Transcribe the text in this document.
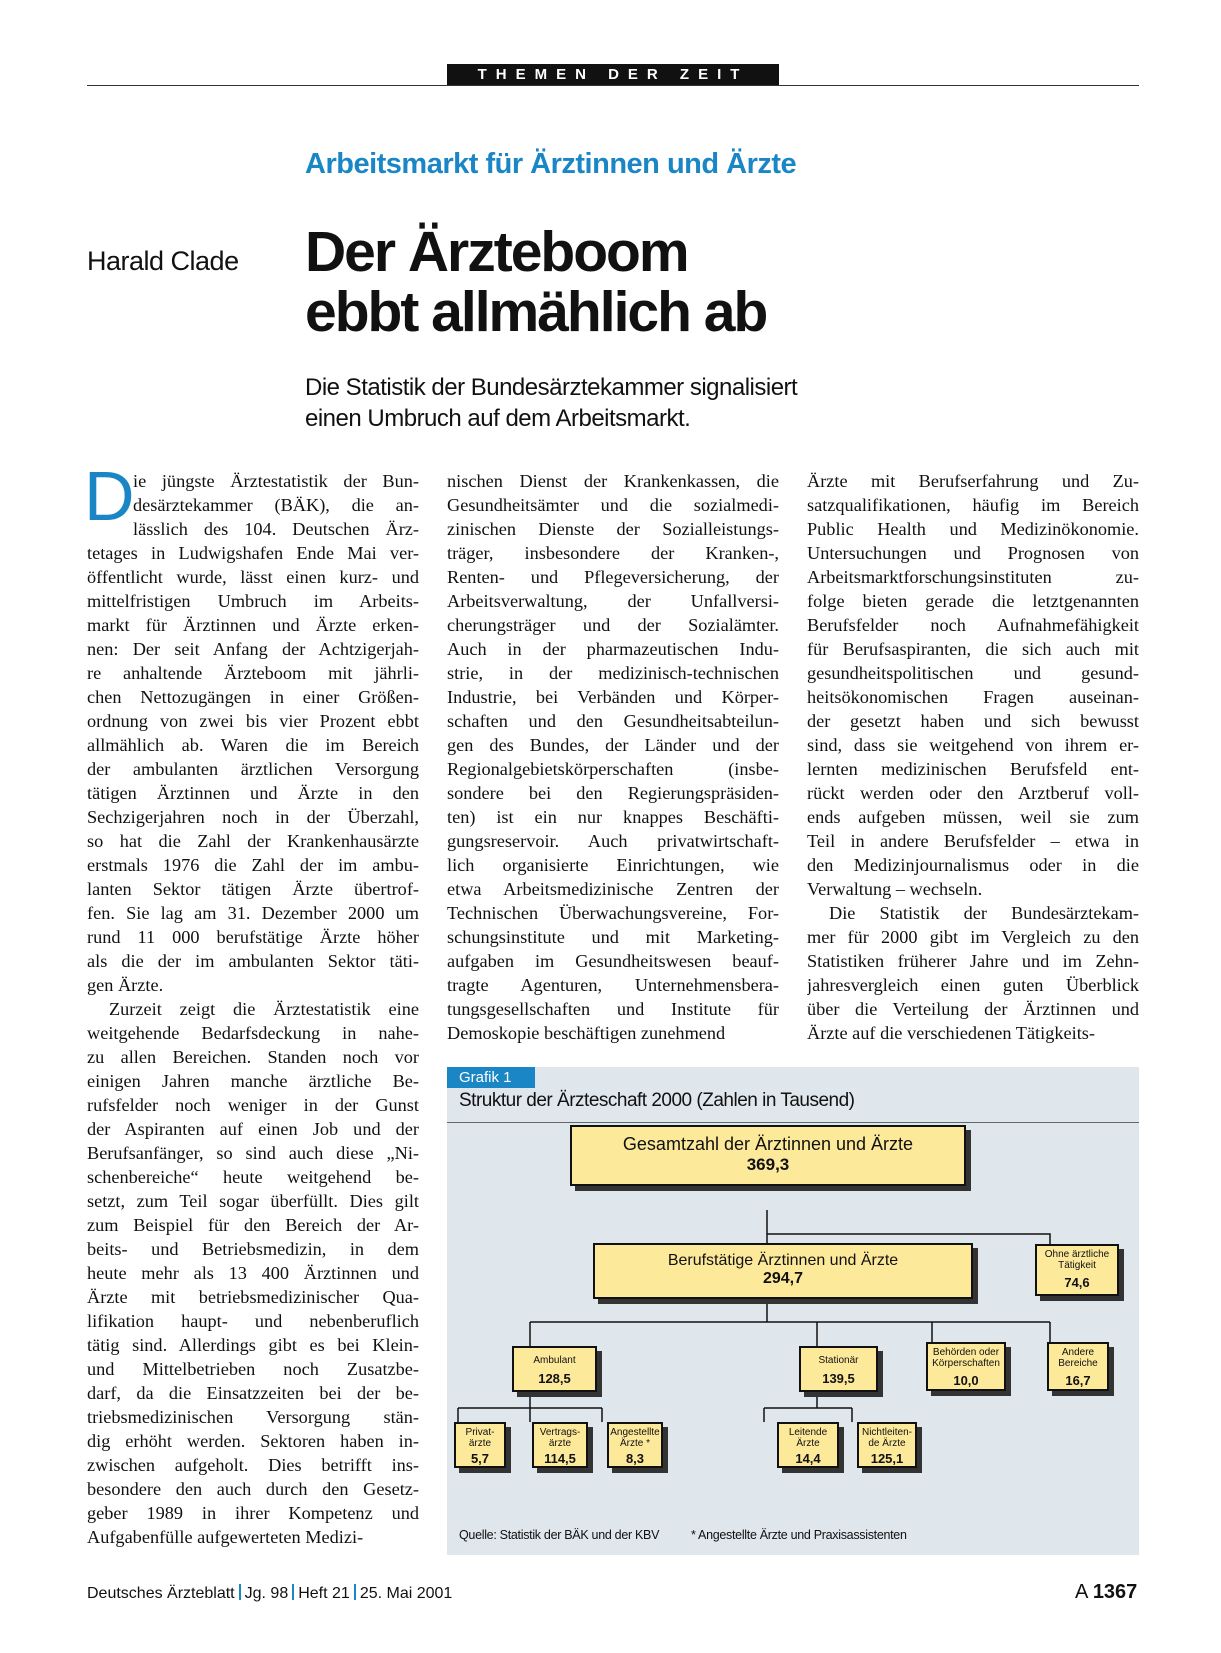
THEMEN DER ZEIT
Arbeitsmarkt für Ärztinnen und Ärzte
Harald Clade Der Ärzteboom
ebbt allmählich ab
Die Statistik der Bundesärztekammer signalisiert
einen Umbruch auf dem Arbeitsmarkt.
D
ie jüngste Ärztestatistik der Bun-
desärztekammer (BÄK), die an-
lässlich des 104. Deutschen Ärz-
tetages in Ludwigshafen Ende Mai ver-
öffentlicht wurde, lässt einen kurz- und
mittelfristigen Umbruch im Arbeits-
markt für Ärztinnen und Ärzte erken-
nen: Der seit Anfang der Achtzigerjah-
re anhaltende Ärzteboom mit jährli-
chen Nettozugängen in einer Größen-
ordnung von zwei bis vier Prozent ebbt
allmählich ab. Waren die im Bereich
der ambulanten ärztlichen Versorgung
tätigen Ärztinnen und Ärzte in den
Sechzigerjahren noch in der Überzahl,
so hat die Zahl der Krankenhausärzte
erstmals 1976 die Zahl der im ambu-
lanten Sektor tätigen Ärzte übertrof-
fen. Sie lag am 31. Dezember 2000 um
rund 11 000 berufstätige Ärzte höher
als die der im ambulanten Sektor täti-
gen Ärzte.
Zurzeit zeigt die Ärztestatistik eine
weitgehende Bedarfsdeckung in nahe-
zu allen Bereichen. Standen noch vor
einigen Jahren manche ärztliche Be-
rufsfelder noch weniger in der Gunst
der Aspiranten auf einen Job und der
Berufsanfänger, so sind auch diese „Ni-
schenbereiche“ heute weitgehend be-
setzt, zum Teil sogar überfüllt. Dies gilt
zum Beispiel für den Bereich der Ar-
beits- und Betriebsmedizin, in dem
heute mehr als 13 400 Ärztinnen und
Ärzte mit betriebsmedizinischer Qua-
lifikation haupt- und nebenberuflich
tätig sind. Allerdings gibt es bei Klein-
und Mittelbetrieben noch Zusatzbe-
darf, da die Einsatzzeiten bei der be-
triebsmedizinischen Versorgung stän-
dig erhöht werden. Sektoren haben in-
zwischen aufgeholt. Dies betrifft ins-
besondere den auch durch den Gesetz-
geber 1989 in ihrer Kompetenz und
Aufgabenfülle aufgewerteten Medizi-
nischen Dienst der Krankenkassen, die
Gesundheitsämter und die sozialmedi-
zinischen Dienste der Sozialleistungs-
träger, insbesondere der Kranken-,
Renten- und Pflegeversicherung, der
Arbeitsverwaltung, der Unfallversi-
cherungsträger und der Sozialämter.
Auch in der pharmazeutischen Indu-
strie, in der medizinisch-technischen
Industrie, bei Verbänden und Körper-
schaften und den Gesundheitsabteilun-
gen des Bundes, der Länder und der
Regionalgebietskörperschaften (insbe-
sondere bei den Regierungspräsiden-
ten) ist ein nur knappes Beschäfti-
gungsreservoir. Auch privatwirtschaft-
lich organisierte Einrichtungen, wie
etwa Arbeitsmedizinische Zentren der
Technischen Überwachungsvereine, For-
schungsinstitute und mit Marketing-
aufgaben im Gesundheitswesen beauf-
tragte Agenturen, Unternehmensbera-
tungsgesellschaften und Institute für
Demoskopie beschäftigen zunehmend
Ärzte mit Berufserfahrung und Zu-
satzqualifikationen, häufig im Bereich
Public Health und Medizinökonomie.
Untersuchungen und Prognosen von
Arbeitsmarktforschungsinstituten zu-
folge bieten gerade die letztgenannten
Berufsfelder noch Aufnahmefähigkeit
für Berufsaspiranten, die sich auch mit
gesundheitspolitischen und gesund-
heitsökonomischen Fragen auseinan-
der gesetzt haben und sich bewusst
sind, dass sie weitgehend von ihrem er-
lernten medizinischen Berufsfeld ent-
rückt werden oder den Arztberuf voll-
ends aufgeben müssen, weil sie zum
Teil in andere Berufsfelder – etwa in
den Medizinjournalismus oder in die
Verwaltung – wechseln.
Die Statistik der Bundesärztekam-
mer für 2000 gibt im Vergleich zu den
Statistiken früherer Jahre und im Zehn-
jahresvergleich einen guten Überblick
über die Verteilung der Ärztinnen und
Ärzte auf die verschiedenen Tätigkeits-
Grafik 1
Struktur der Ärzteschaft 2000 (Zahlen in Tausend)
Gesamtzahl der Ärztinnen und Ärzte
369,3
Berufstätige Ärztinnen und Ärzte
294,7
Ohne ärztliche Tätigkeit
74,6
Ambulant
128,5
Stationär
139,5
Behörden oder Körperschaften
10,0
Andere Bereiche
16,7
Privat-ärzte
5,7
Vertrags-ärzte
114,5
Angestellte Ärzte *
8,3
Leitende Ärzte
14,4
Nichtleiten-de Ärzte
125,1
Quelle: Statistik der BÄK und der KBV	* Angestellte Ärzte und Praxisassistenten
Deutsches Ärzteblatt Jg. 98 Heft 21 25. Mai 2001	A 1367
